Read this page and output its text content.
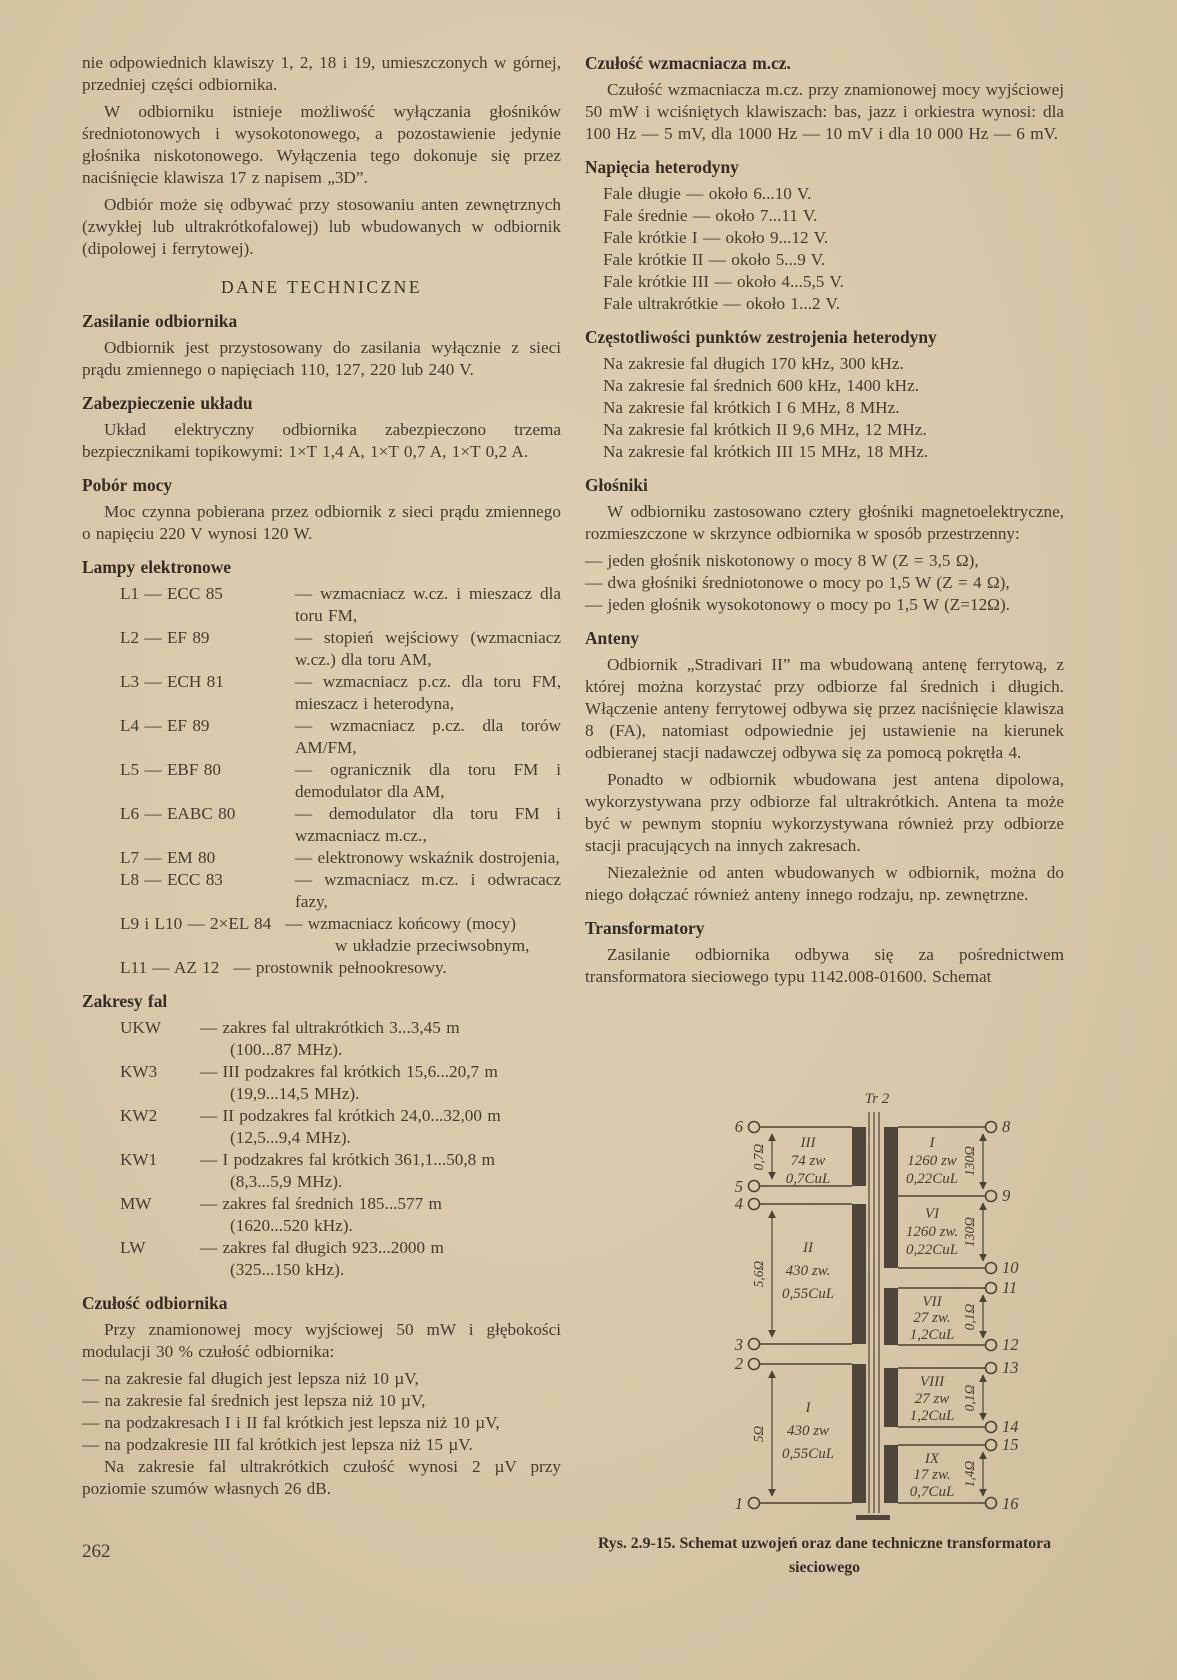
nie odpowiednich klawiszy 1, 2, 18 i 19, umieszczonych w górnej, przedniej części odbiornika.

W odbiorniku istnieje możliwość wyłączania głośników średniotonowych i wysokotonowego, a pozostawienie jedynie głośnika niskotonowego. Wyłączenia tego dokonuje się przez naciśnięcie klawisza 17 z napisem „3D”.

Odbiór może się odbywać przy stosowaniu anten zewnętrznych (zwykłej lub ultrakrótkofalowej) lub wbudowanych w odbiornik (dipolowej i ferrytowej).

DANE TECHNICZNE
Zasilanie odbiornika

Odbiornik jest przystosowany do zasilania wyłącznie z sieci prądu zmiennego o napięciach 110, 127, 220 lub 240 V.

Zabezpieczenie układu

Układ elektryczny odbiornika zabezpieczono trzema bezpiecznikami topikowymi: 1×T 1,4 A, 1×T 0,7 A, 1×T 0,2 A.

Pobór mocy

Moc czynna pobierana przez odbiornik z sieci prądu zmiennego o napięciu 220 V wynosi 120 W.

Lampy elektronowe
L1 — ECC 85	— wzmacniacz w.cz. i mieszacz dla toru FM,
L2 — EF 89	— stopień wejściowy (wzmacniacz w.cz.) dla toru AM,
L3 — ECH 81	— wzmacniacz p.cz. dla toru FM, mieszacz i heterodyna,
L4 — EF 89	— wzmacniacz p.cz. dla torów AM/FM,
L5 — EBF 80	— ogranicznik dla toru FM i demodulator dla AM,
L6 — EABC 80	— demodulator dla toru FM i wzmacniacz m.cz.,
L7 — EM 80	— elektronowy wskaźnik dostrojenia,
L8 — ECC 83	— wzmacniacz m.cz. i odwracacz fazy,
L9 i L10 — 2×EL 84 — wzmacniacz końcowy (mocy)
w układzie przeciwsobnym,
L11 — AZ 12 — prostownik pełnookresowy.
Zakresy fal
UKW	— zakres fal ultrakrótkich 3...3,45 m
(100...87 MHz).
KW3	— III podzakres fal krótkich 15,6...20,7 m
(19,9...14,5 MHz).
KW2	— II podzakres fal krótkich 24,0...32,00 m
(12,5...9,4 MHz).
KW1	— I podzakres fal krótkich 361,1...50,8 m
(8,3...5,9 MHz).
MW	— zakres fal średnich 185...577 m
(1620...520 kHz).
LW	— zakres fal długich 923...2000 m
(325...150 kHz).
Czułość odbiornika

Przy znamionowej mocy wyjściowej 50 mW i głębokości modulacji 30 % czułość odbiornika:

— na zakresie fal długich jest lepsza niż 10 µV,
— na zakresie fal średnich jest lepsza niż 10 µV,
— na podzakresach I i II fal krótkich jest lepsza niż 10 µV,
— na podzakresie III fal krótkich jest lepsza niż 15 µV.

Na zakresie fal ultrakrótkich czułość wynosi 2 µV przy poziomie szumów własnych 26 dB.

Czułość wzmacniacza m.cz.

Czułość wzmacniacza m.cz. przy znamionowej mocy wyjściowej 50 mW i wciśniętych klawiszach: bas, jazz i orkiestra wynosi: dla 100 Hz — 5 mV, dla 1000 Hz — 10 mV i dla 10 000 Hz — 6 mV.

Napięcia heterodyny
Fale długie — około 6...10 V.
Fale średnie — około 7...11 V.
Fale krótkie I — około 9...12 V.
Fale krótkie II — około 5...9 V.
Fale krótkie III — około 4...5,5 V.
Fale ultrakrótkie — około 1...2 V.
Częstotliwości punktów zestrojenia heterodyny
Na zakresie fal długich 170 kHz, 300 kHz.
Na zakresie fal średnich 600 kHz, 1400 kHz.
Na zakresie fal krótkich I 6 MHz, 8 MHz.
Na zakresie fal krótkich II 9,6 MHz, 12 MHz.
Na zakresie fal krótkich III 15 MHz, 18 MHz.
Głośniki

W odbiorniku zastosowano cztery głośniki magnetoelektryczne, rozmieszczone w skrzynce odbiornika w sposób przestrzenny:

— jeden głośnik niskotonowy o mocy 8 W (Z = 3,5 Ω),
— dwa głośniki średniotonowe o mocy po 1,5 W (Z = 4 Ω),
— jeden głośnik wysokotonowy o mocy po 1,5 W (Z=12Ω).
Anteny

Odbiornik „Stradivari II” ma wbudowaną antenę ferrytową, z której można korzystać przy odbiorze fal średnich i długich. Włączenie anteny ferrytowej odbywa się przez naciśnięcie klawisza 8 (FA), natomiast odpowiednie jej ustawienie na kierunek odbieranej stacji nadawczej odbywa się za pomocą pokrętła 4.

Ponadto w odbiornik wbudowana jest antena dipolowa, wykorzystywana przy odbiorze fal ultrakrótkich. Antena ta może być w pewnym stopniu wykorzystywana również przy odbiorze stacji pracujących na innych zakresach.

Niezależnie od anten wbudowanych w odbiornik, można do niego dołączać również anteny innego rodzaju, np. zewnętrzne.

Transformatory

Zasilanie odbiornika odbywa się za pośrednictwem transformatora sieciowego typu 1142.008-01600. Schemat

Tr 2
6
5
4
3
2
1
0,7Ω
5,6Ω
5Ω
III
74 zw
0,7CuL
II
430 zw.
0,55CuL
I
430 zw
0,55CuL
8
9
10
11
12
13
14
15
16
130Ω
130Ω
0,1Ω
0,1Ω
1,4Ω
I
1260 zw
0,22CuL
VI
1260 zw.
0,22CuL
VII
27 zw.
1,2CuL
VIII
27 zw
1,2CuL
IX
17 zw.
0,7CuL
Rys. 2.9-15. Schemat uzwojeń oraz dane techniczne transformatora
sieciowego
262
